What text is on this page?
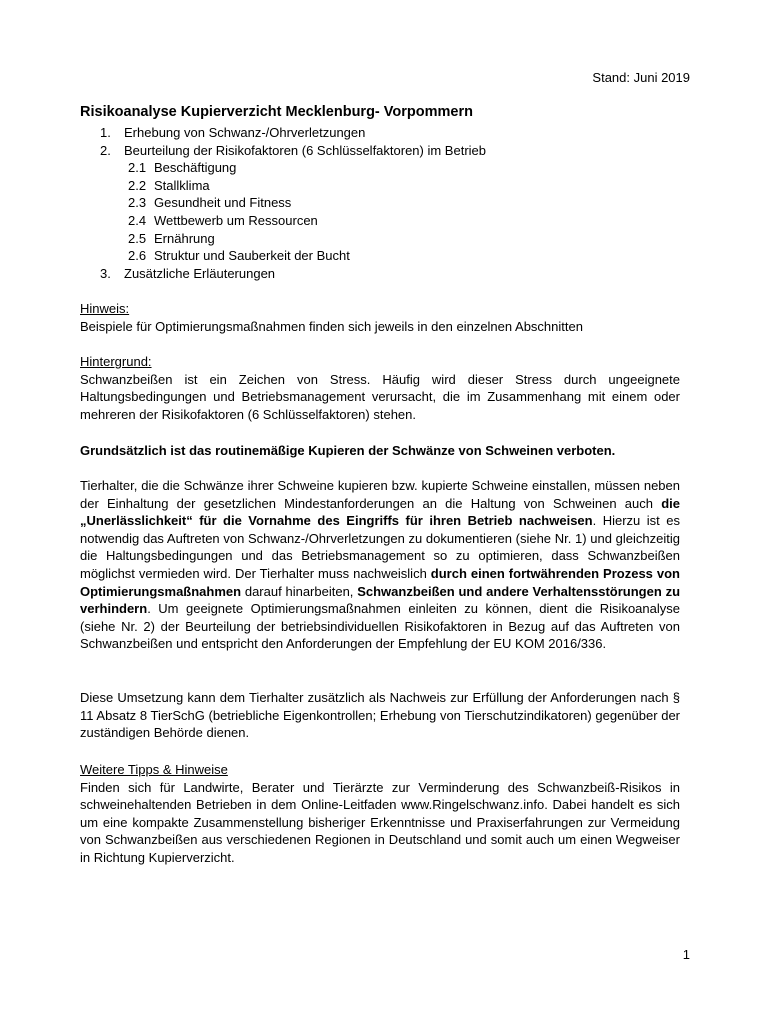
Stand: Juni 2019
Risikoanalyse Kupierverzicht Mecklenburg- Vorpommern
1.	Erhebung von Schwanz-/Ohrverletzungen
2.	Beurteilung der Risikofaktoren (6 Schlüsselfaktoren) im Betrieb
2.1 Beschäftigung
2.2 Stallklima
2.3 Gesundheit und Fitness
2.4 Wettbewerb um Ressourcen
2.5 Ernährung
2.6 Struktur und Sauberkeit der Bucht
3.	Zusätzliche Erläuterungen
Hinweis:
Beispiele für Optimierungsmaßnahmen finden sich jeweils in den einzelnen Abschnitten
Hintergrund:
Schwanzbeißen ist ein Zeichen von Stress. Häufig wird dieser Stress durch ungeeignete Haltungsbedingungen und Betriebsmanagement verursacht, die im Zusammenhang mit einem oder mehreren der Risikofaktoren (6 Schlüsselfaktoren) stehen.
Grundsätzlich ist das routinemäßige Kupieren der Schwänze von Schweinen verboten.
Tierhalter, die die Schwänze ihrer Schweine kupieren bzw. kupierte Schweine einstallen, müssen neben der Einhaltung der gesetzlichen Mindestanforderungen an die Haltung von Schweinen auch die „Unerlässlichkeit“ für die Vornahme des Eingriffs für ihren Betrieb nachweisen. Hierzu ist es notwendig das Auftreten von Schwanz-/Ohrverletzungen zu dokumentieren (siehe Nr. 1) und gleichzeitig die Haltungsbedingungen und das Betriebsmanagement so zu optimieren, dass Schwanzbeißen möglichst vermieden wird. Der Tierhalter muss nachweislich durch einen fortwährenden Prozess von Optimierungsmaßnahmen darauf hinarbeiten, Schwanzbeißen und andere Verhaltensstörungen zu verhindern. Um geeignete Optimierungsmaßnahmen einleiten zu können, dient die Risikoanalyse (siehe Nr. 2) der Beurteilung der betriebsindividuellen Risikofaktoren in Bezug auf das Auftreten von Schwanzbeißen und entspricht den Anforderungen der Empfehlung der EU KOM 2016/336.
Diese Umsetzung kann dem Tierhalter zusätzlich als Nachweis zur Erfüllung der Anforderungen nach § 11 Absatz 8 TierSchG (betriebliche Eigenkontrollen; Erhebung von Tierschutzindikatoren) gegenüber der zuständigen Behörde dienen.
Weitere Tipps & Hinweise
Finden sich für Landwirte, Berater und Tierärzte zur Verminderung des Schwanzbeiß-Risikos in schweinehaltenden Betrieben in dem Online-Leitfaden www.Ringelschwanz.info. Dabei handelt es sich um eine kompakte Zusammenstellung bisheriger Erkenntnisse und Praxiserfahrungen zur Vermeidung von Schwanzbeißen aus verschiedenen Regionen in Deutschland und somit auch um einen Wegweiser in Richtung Kupierverzicht.
1
